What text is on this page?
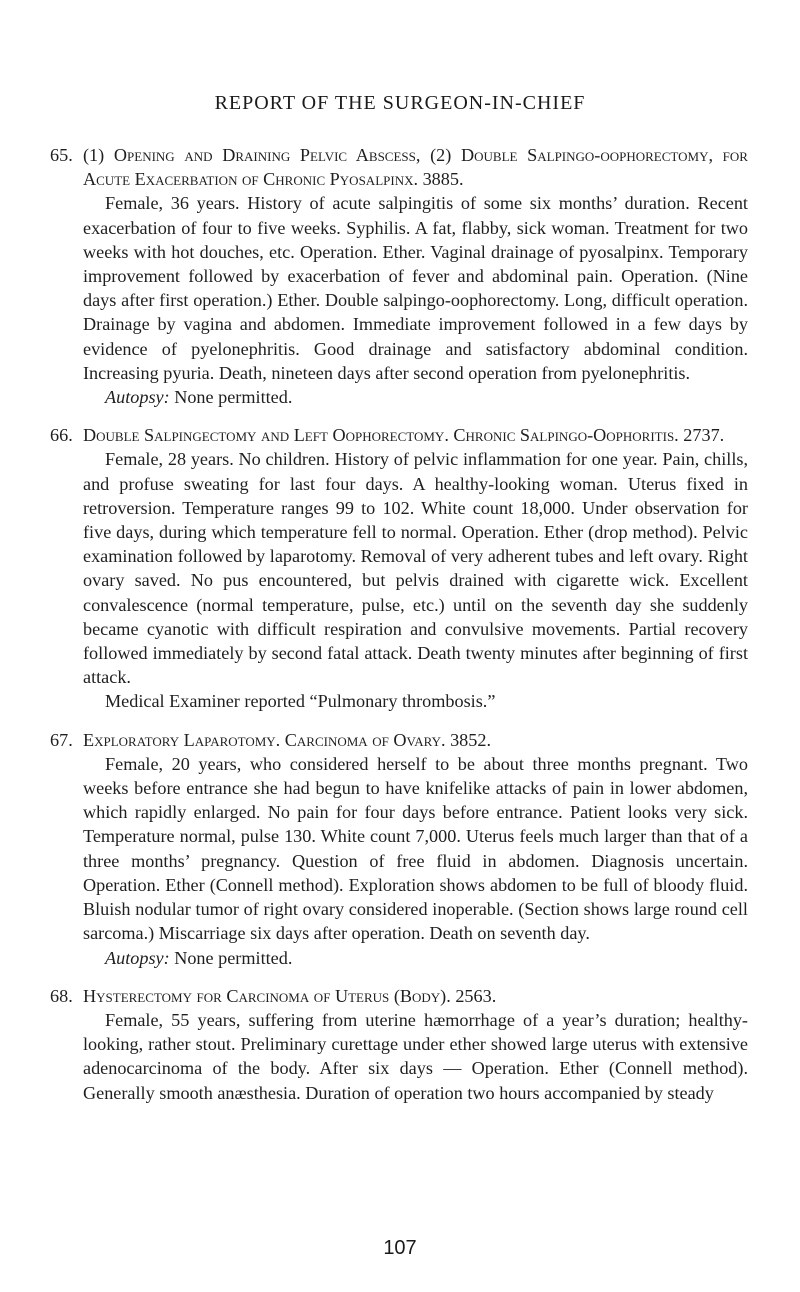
REPORT OF THE SURGEON-IN-CHIEF

65. (1) Opening and Draining Pelvic Abscess, (2) Double Salpingo-oophorectomy, for Acute Exacerbation of Chronic Pyosalpinx. 3885.

Female, 36 years. History of acute salpingitis of some six months’ duration. Recent exacerbation of four to five weeks. Syphilis. A fat, flabby, sick woman. Treatment for two weeks with hot douches, etc. Operation. Ether. Vaginal drainage of pyosalpinx. Temporary improvement followed by exacerbation of fever and abdominal pain. Operation. (Nine days after first operation.) Ether. Double salpingo-oophorectomy. Long, difficult operation. Drainage by vagina and abdomen. Immediate improvement followed in a few days by evidence of pyelonephritis. Good drainage and satisfactory abdominal condition. Increasing pyuria. Death, nineteen days after second operation from pyelonephritis.

Autopsy: None permitted.

66. Double Salpingectomy and Left Oophorectomy. Chronic Salpingo-Oophoritis. 2737.

Female, 28 years. No children. History of pelvic inflammation for one year. Pain, chills, and profuse sweating for last four days. A healthy-looking woman. Uterus fixed in retroversion. Temperature ranges 99 to 102. White count 18,000. Under observation for five days, during which temperature fell to normal. Operation. Ether (drop method). Pelvic examination followed by laparotomy. Removal of very adherent tubes and left ovary. Right ovary saved. No pus encountered, but pelvis drained with cigarette wick. Excellent convalescence (normal temperature, pulse, etc.) until on the seventh day she suddenly became cyanotic with difficult respiration and convulsive movements. Partial recovery followed immediately by second fatal attack. Death twenty minutes after beginning of first attack.

Medical Examiner reported “Pulmonary thrombosis.”

67. Exploratory Laparotomy. Carcinoma of Ovary. 3852.

Female, 20 years, who considered herself to be about three months pregnant. Two weeks before entrance she had begun to have knifelike attacks of pain in lower abdomen, which rapidly enlarged. No pain for four days before entrance. Patient looks very sick. Temperature normal, pulse 130. White count 7,000. Uterus feels much larger than that of a three months’ pregnancy. Question of free fluid in abdomen. Diagnosis uncertain. Operation. Ether (Connell method). Exploration shows abdomen to be full of bloody fluid. Bluish nodular tumor of right ovary considered inoperable. (Section shows large round cell sarcoma.) Miscarriage six days after operation. Death on seventh day.

Autopsy: None permitted.

68. Hysterectomy for Carcinoma of Uterus (Body). 2563.

Female, 55 years, suffering from uterine hæmorrhage of a year’s duration; healthy-looking, rather stout. Preliminary curettage under ether showed large uterus with extensive adenocarcinoma of the body. After six days — Operation. Ether (Connell method). Generally smooth anæsthesia. Duration of operation two hours accompanied by steady

107
